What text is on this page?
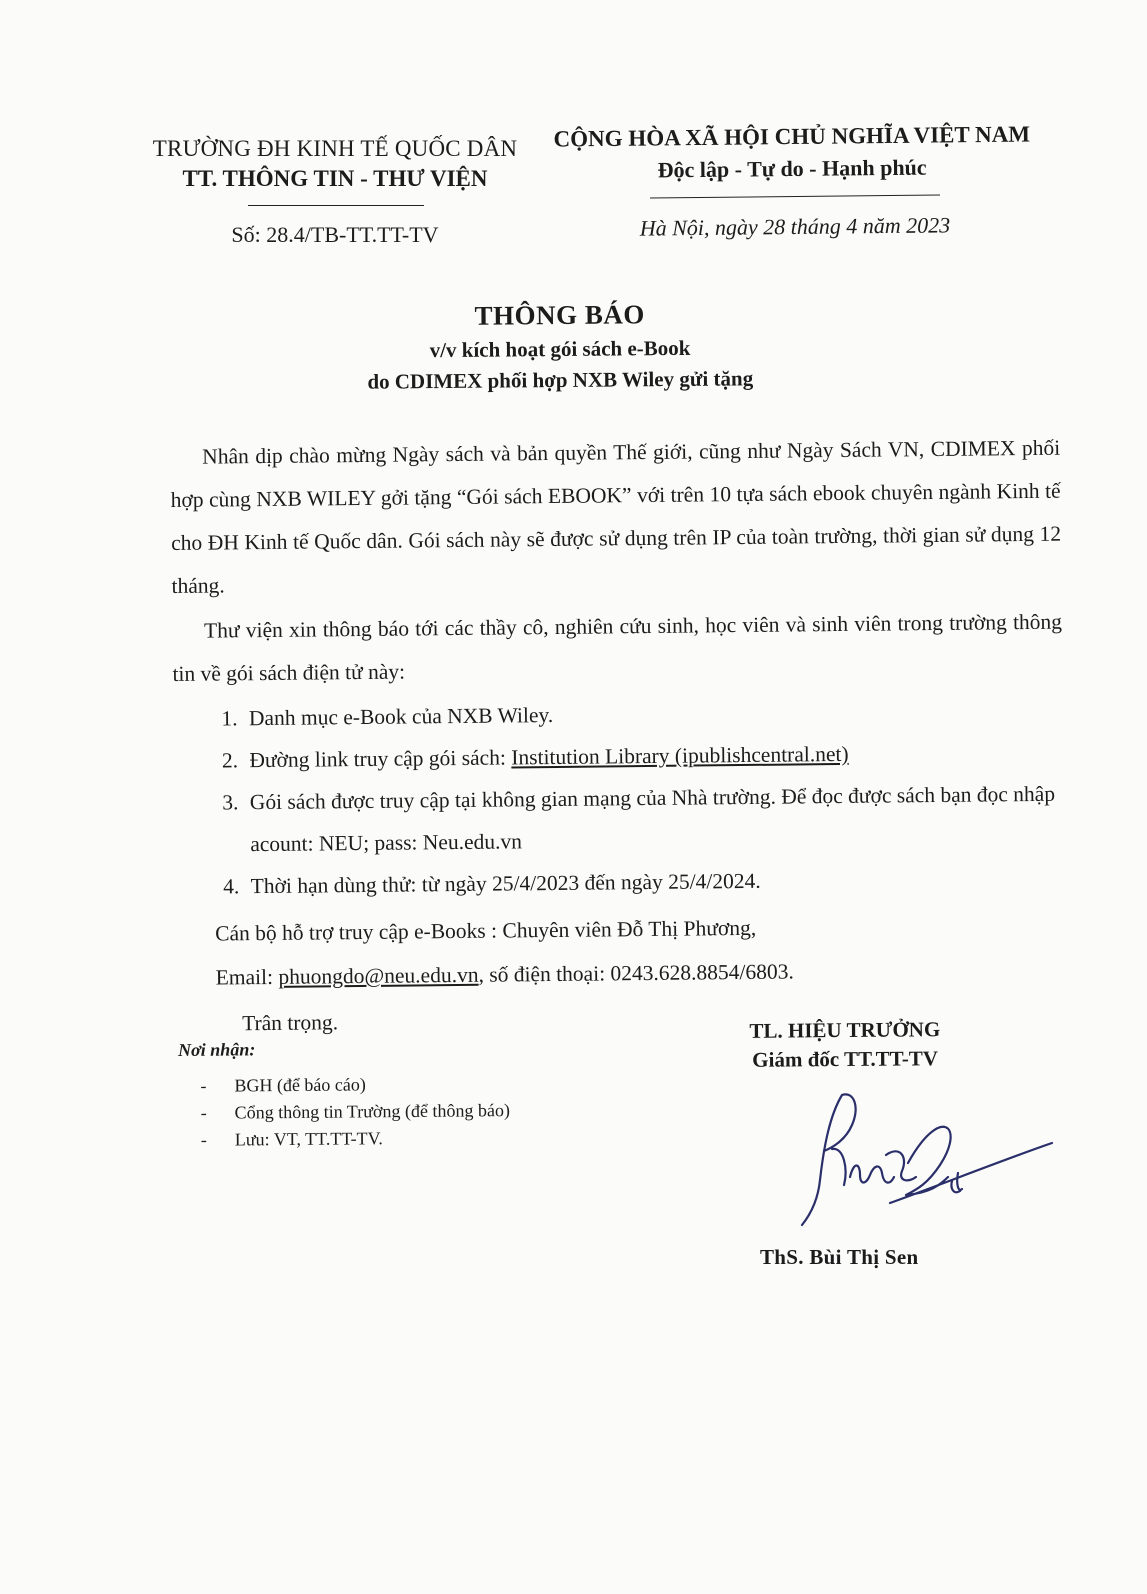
TRƯỜNG ĐH KINH TẾ QUỐC DÂN
TT. THÔNG TIN - THƯ VIỆN
Số: 28.4/TB-TT.TT-TV
CỘNG HÒA XÃ HỘI CHỦ NGHĨA VIỆT NAM
Độc lập - Tự do - Hạnh phúc
Hà Nội, ngày 28 tháng 4 năm 2023
THÔNG BÁO
v/v kích hoạt gói sách e-Book
do CDIMEX phối hợp NXB Wiley gửi tặng

Nhân dịp chào mừng Ngày sách và bản quyền Thế giới, cũng như Ngày Sách VN, CDIMEX phối hợp cùng NXB WILEY gởi tặng “Gói sách EBOOK” với trên 10 tựa sách ebook chuyên ngành Kinh tế cho ĐH Kinh tế Quốc dân. Gói sách này sẽ được sử dụng trên IP của toàn trường, thời gian sử dụng 12 tháng.

Thư viện xin thông báo tới các thầy cô, nghiên cứu sinh, học viên và sinh viên trong trường thông tin về gói sách điện tử này:

1. Danh mục e-Book của NXB Wiley.
2. Đường link truy cập gói sách: Institution Library (ipublishcentral.net)
3. Gói sách được truy cập tại không gian mạng của Nhà trường. Để đọc được sách bạn đọc nhập acount: NEU; pass: Neu.edu.vn
4. Thời hạn dùng thử: từ ngày 25/4/2023 đến ngày 25/4/2024.
Cán bộ hỗ trợ truy cập e-Books : Chuyên viên Đỗ Thị Phương,
Email: phuongdo@neu.edu.vn, số điện thoại: 0243.628.8854/6803.
Trân trọng.
Nơi nhận:
- BGH (để báo cáo)
- Cổng thông tin Trường (để thông báo)
- Lưu: VT, TT.TT-TV.
TL. HIỆU TRƯỞNG
Giám đốc TT.TT-TV
ThS. Bùi Thị Sen
